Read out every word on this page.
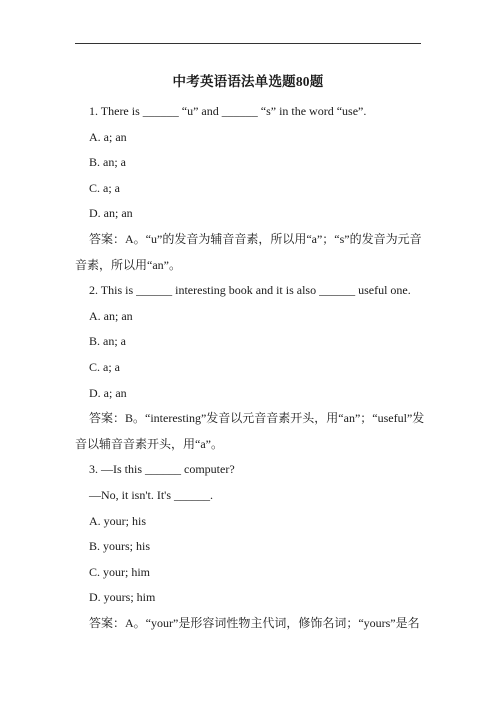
中考英语语法单选题80题
1. There is ______ “u” and ______ “s” in the word “use”.
A. a; an
B. an; a
C. a; a
D. an; an
答案：A。“u”的发音为辅音音素，所以用“a”；“s”的发音为元音
音素，所以用“an”。
2. This is ______ interesting book and it is also ______ useful one.
A. an; an
B. an; a
C. a; a
D. a; an
答案：B。“interesting”发音以元音音素开头，用“an”；“useful”发
音以辅音音素开头，用“a”。
3. —Is this ______ computer?
—No, it isn't. It's ______.
A. your; his
B. yours; his
C. your; him
D. yours; him
答案：A。“your”是形容词性物主代词，修饰名词；“yours”是名
